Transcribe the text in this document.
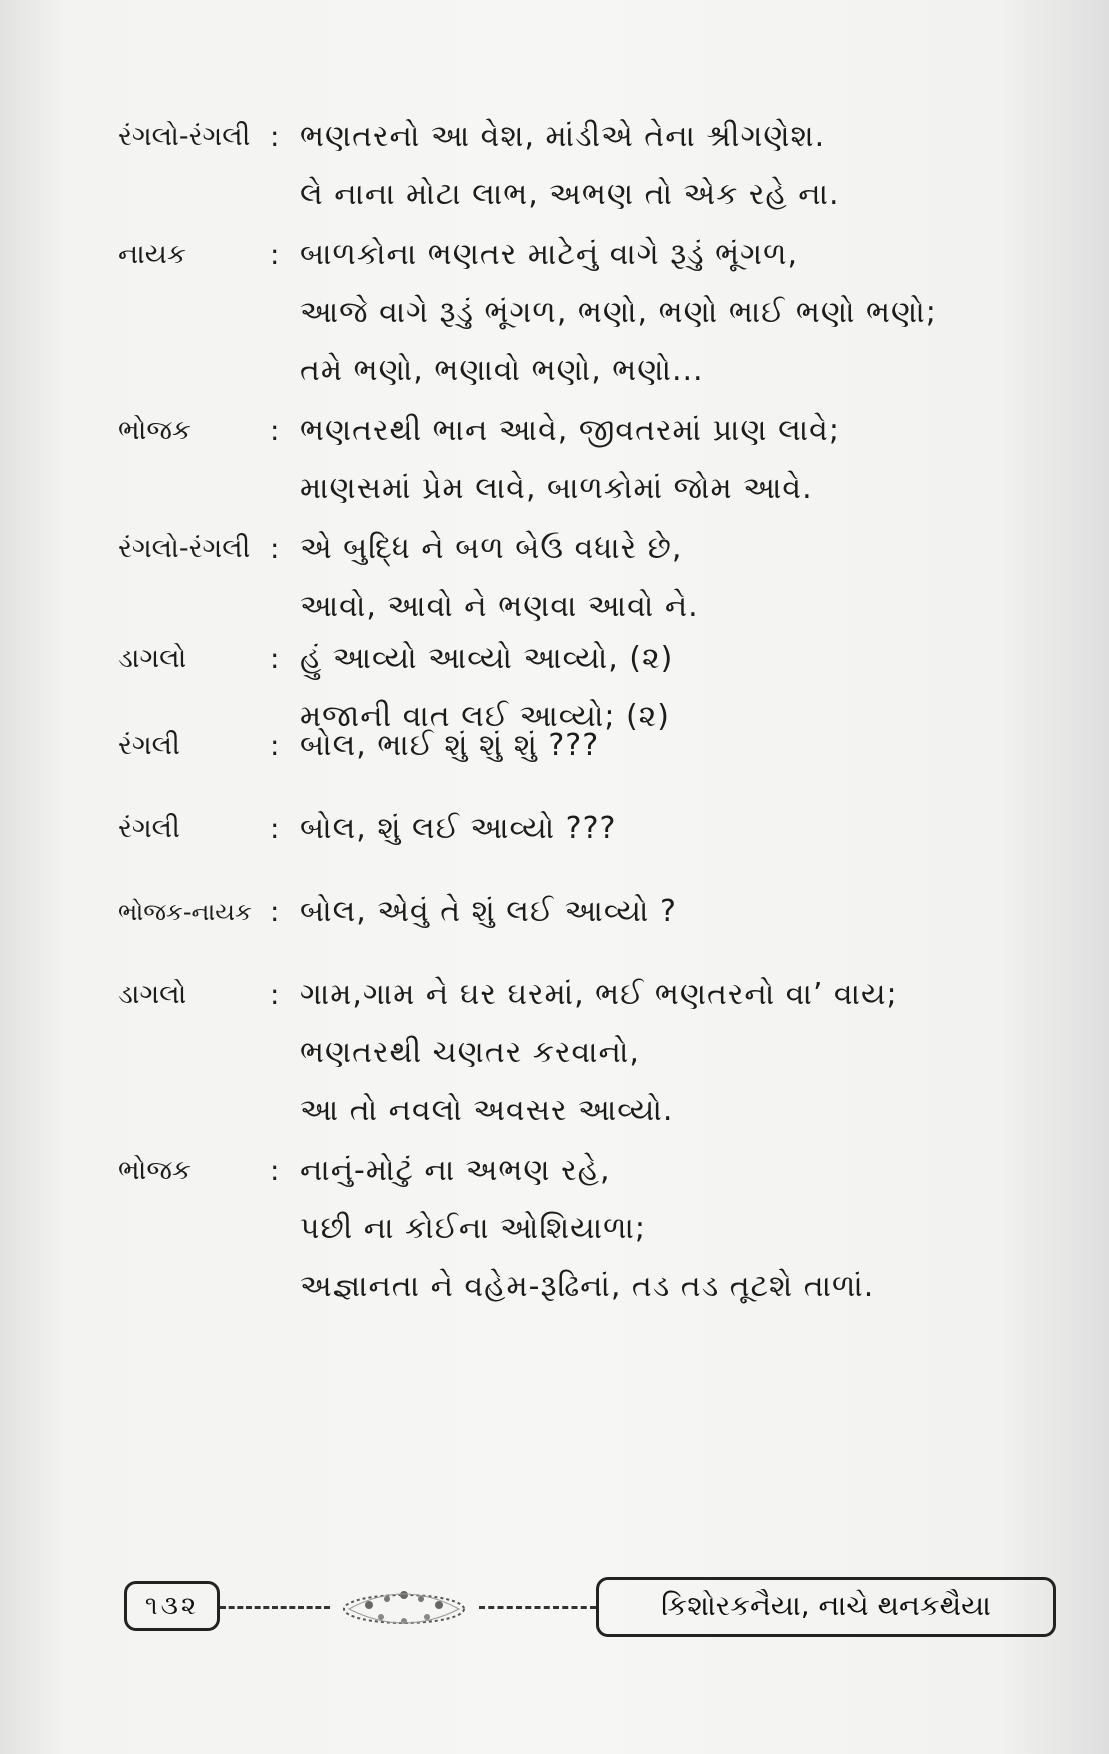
રંગલો-રંગલી : ભણતરનો આ વેશ, માંડીએ તેના શ્રીગણેશ.
લે નાના મોટા લાભ, અભણ તો એક રહે ના.
નાયક	: બાળકોના ભણતર માટેનું વાગે રૂડું ભૂંગળ,
આજે વાગે રૂડું ભૂંગળ, ભણો, ભણો ભાઈ ભણો ભણો;
તમે ભણો, ભણાવો ભણો, ભણો...
ભોજક	: ભણતરથી ભાન આવે, જીવતરમાં પ્રાણ લાવે;
માણસમાં પ્રેમ લાવે, બાળકોમાં જોમ આવે.
રંગલો-રંગલી : એ બુદ્ધિ ને બળ બેઉ વધારે છે,
આવો, આવો ને ભણવા આવો ને.
ડાગલો	: હું આવ્યો આવ્યો આવ્યો, (૨)
મજાની વાત લઈ આવ્યો; (૨)
રંગલી	: બોલ, ભાઈ શું શું શું ???
રંગલી	: બોલ, શું લઈ આવ્યો ???
ભોજક-નાયક : બોલ, એવું તે શું લઈ આવ્યો ?
ડાગલો	: ગામ,ગામ ને ઘર ઘરમાં, ભઈ ભણતરનો વા’ વાય;
ભણતરથી ચણતર કરવાનો,
આ તો નવલો અવસર આવ્યો.
ભોજક	: નાનું-મોટું ના અભણ રહે,
પછી ના કોઈના ઓશિયાળા;
અજ્ઞાનતા ને વહેમ-રૂઢિનાં, તડ તડ તૂટશે તાળાં.
૧૩૨	કિશોરકનૈયા, નાચે થનકથૈયા
